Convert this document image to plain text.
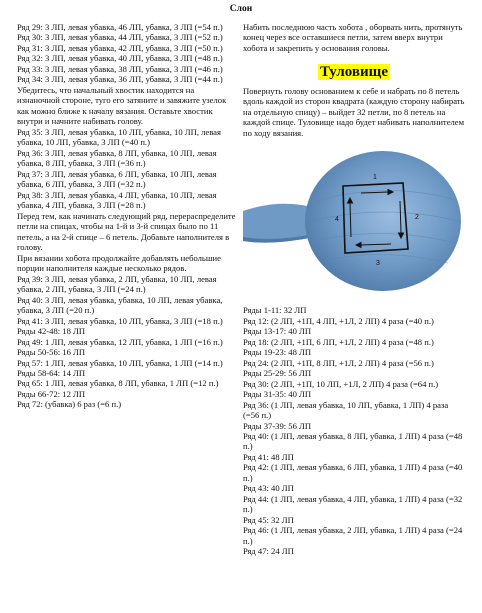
Слон

Ряд 29: 3 ЛП, левая убавка, 46 ЛП, убавка, 3 ЛП (=54 п.)

Ряд 30: 3 ЛП, левая убавка, 44 ЛП, убавка, 3 ЛП (=52 п.)

Ряд 31: 3 ЛП, левая убавка, 42 ЛП, убавка, 3 ЛП (=50 п.)

Ряд 32: 3 ЛП, левая убавка, 40 ЛП, убавка, 3 ЛП (=48 п.)

Ряд 33: 3 ЛП, левая убавка, 38 ЛП, убавка, 3 ЛП (=46 п.)

Ряд 34: 3 ЛП, левая убавка, 36 ЛП, убавка, 3 ЛП (=44 п.)

Убедитесь, что начальный хвостик находится на изнаночной стороне, туго его затяните и завяжите узелок как можно ближе к началу вязания. Оставьте хвостик внутри и начните набивать голову.

Ряд 35: 3 ЛП, левая убавка, 10 ЛП, убавка, 10 ЛП, левая убавка, 10 ЛП, убавка, 3 ЛП (=40 п.)

Ряд 36: 3 ЛП, левая убавка, 8 ЛП, убавка, 10 ЛП, левая убавка, 8 ЛП, убавка, 3 ЛП (=36 п.)

Ряд 37: 3 ЛП, левая убавка, 6 ЛП, убавка, 10 ЛП, левая убавка, 6 ЛП, убавка, 3 ЛП (=32 п.)

Ряд 38: 3 ЛП, левая убавка, 4 ЛП, убавка, 10 ЛП, левая убавка, 4 ЛП, убавка, 3 ЛП (=28 п.)

Перед тем, как начинать следующий ряд, перераспределите петли на спицах, чтобы на 1-й и 3-й спицах было по 11 петель, а на 2-й спице – 6 петель. Добавьте наполнителя в голову.

При вязании хобота продолжайте добавлять небольшие порции наполнителя каждые несколько рядов.

Ряд 39: 3 ЛП, левая убавка, 2 ЛП, убавка, 10 ЛП, левая убавка, 2 ЛП, убавка, 3 ЛП (=24 п.)

Ряд 40: 3 ЛП, левая убавка, убавка, 10 ЛП, левая убавка, убавка, 3 ЛП (=20 п.)

Ряд 41: 3 ЛП, левая убавка, 10 ЛП, убавка, 3 ЛП (=18 п.)

Ряды 42-48: 18 ЛП

Ряд 49: 1 ЛП, левая убавка, 12 ЛП, убавка, 1 ЛП (=16 п.)

Ряды 50-56: 16 ЛП

Ряд 57: 1 ЛП, левая убавка, 10 ЛП, убавка, 1 ЛП (=14 п.)

Ряды 58-64: 14 ЛП

Ряд 65: 1 ЛП, левая убавка, 8 ЛП, убавка, 1 ЛП (=12 п.)

Ряды 66-72: 12 ЛП

Ряд 72: (убавка) 6 раз (=6 п.)

Набить последнюю часть хобота , оборвать нить, протянуть конец через все оставшиеся петли, затем вверх внутри хобота и закрепить у основания головы.

Туловище

Повернуть голову основанием к себе и набрать по 8 петель вдоль каждой из сторон квадрата (каждую сторону набирать на отдельную спицу) – выйдет 32 петли, по 8 петель на каждой спице. Туловище надо будет набивать наполнителем по ходу вязания.

1
2
3
4

Ряды 1-11: 32 ЛП

Ряд 12: (2 ЛП, +1П, 4 ЛП, +1Л, 2 ЛП) 4 раза (=40 п.)

Ряды 13-17: 40 ЛП

Ряд 18: (2 ЛП, +1П, 6 ЛП, +1Л, 2 ЛП) 4 раза (=48 п.)

Ряды 19-23: 48 ЛП

Ряд 24: (2 ЛП, +1П, 8 ЛП, +1Л, 2 ЛП) 4 раза (=56 п.)

Ряды 25-29: 56 ЛП

Ряд 30: (2 ЛП, +1П, 10 ЛП, +1Л, 2 ЛП) 4 раза (=64 п.)

Ряды 31-35: 40 ЛП

Ряд 36: (1 ЛП, левая убавка, 10 ЛП, убавка, 1 ЛП) 4 раза (=56 п.)

Ряды 37-39: 56 ЛП

Ряд 40: (1 ЛП, левая убавка, 8 ЛП, убавка, 1 ЛП) 4 раза (=48 п.)

Ряд 41: 48 ЛП

Ряд 42: (1 ЛП, левая убавка, 6 ЛП, убавка, 1 ЛП) 4 раза (=40 п.)

Ряд 43: 40 ЛП

Ряд 44: (1 ЛП, левая убавка, 4 ЛП, убавка, 1 ЛП) 4 раза (=32 п.)

Ряд 45: 32 ЛП

Ряд 46: (1 ЛП, левая убавка, 2 ЛП, убавка, 1 ЛП) 4 раза (=24 п.)

Ряд 47: 24 ЛП
